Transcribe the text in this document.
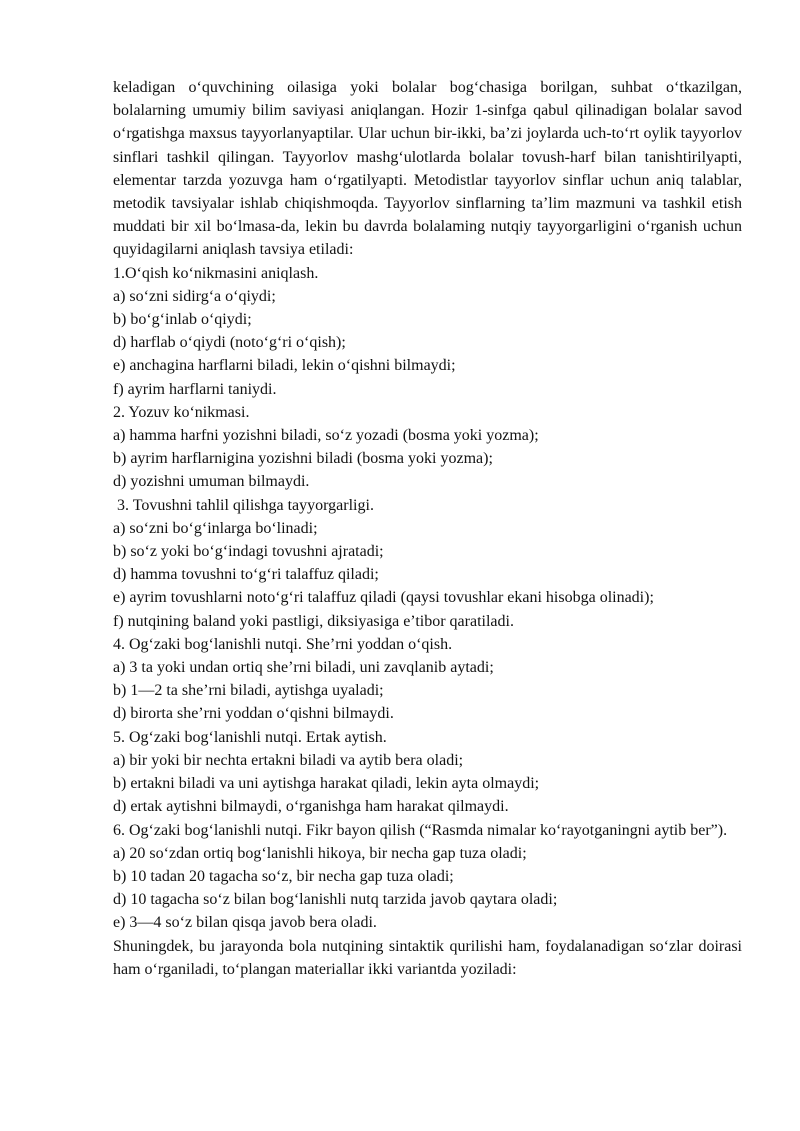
keladigan o‘quvchining oilasiga yoki bolalar bog‘chasiga borilgan, suhbat o‘tkazilgan, bolalarning umumiy bilim saviyasi aniqlangan. Hozir 1-sinfga qabul qilinadigan bolalar savod o‘rgatishga maxsus tayyorlanyaptilar. Ular uchun bir-ikki, ba’zi joylarda uch-to‘rt oylik tayyorlov sinflari tashkil qilingan. Tayyorlov mashg‘ulotlarda bolalar tovush-harf bilan tanishtirilyapti, elementar tarzda yozuvga ham o‘rgatilyapti. Metodistlar tayyorlov sinflar uchun aniq talablar, metodik tavsiyalar ishlab chiqishmoqda. Tayyorlov sinflarning ta’lim mazmuni va tashkil etish muddati bir xil bo‘lmasa-da, lekin bu davrda bolalaming nutqiy tayyorgarligini o‘rganish uchun quyidagilarni aniqlash tavsiya etiladi:

1.O‘qish ko‘nikmasini aniqlash.

a) so‘zni sidirg‘a o‘qiydi;

b) bo‘g‘inlab o‘qiydi;

d) harflab o‘qiydi (noto‘g‘ri o‘qish);

e) anchagina harflarni biladi, lekin o‘qishni bilmaydi;

f) ayrim harflarni taniydi.

2. Yozuv ko‘nikmasi.

a) hamma harfni yozishni biladi, so‘z yozadi (bosma yoki yozma);

b) ayrim harflarnigina yozishni biladi (bosma yoki yozma);

d) yozishni umuman bilmaydi.

3. Tovushni tahlil qilishga tayyorgarligi.

a) so‘zni bo‘g‘inlarga bo‘linadi;

b) so‘z yoki bo‘g‘indagi tovushni ajratadi;

d) hamma tovushni to‘g‘ri talaffuz qiladi;

e) ayrim tovushlarni noto‘g‘ri talaffuz qiladi (qaysi tovushlar ekani hisobga olinadi);

f) nutqining baland yoki pastligi, diksiyasiga e’tibor qaratiladi.

4. Og‘zaki bog‘lanishli nutqi. She’rni yoddan o‘qish.

a) 3 ta yoki undan ortiq she’rni biladi, uni zavqlanib aytadi;

b) 1—2 ta she’rni biladi, aytishga uyaladi;

d) birorta she’rni yoddan o‘qishni bilmaydi.

5. Og‘zaki bog‘lanishli nutqi. Ertak aytish.

a) bir yoki bir nechta ertakni biladi va aytib bera oladi;

b) ertakni biladi va uni aytishga harakat qiladi, lekin ayta olmaydi;

d) ertak aytishni bilmaydi, o‘rganishga ham harakat qilmaydi.

6. Og‘zaki bog‘lanishli nutqi. Fikr bayon qilish (“Rasmda nimalar ko‘rayotganingni aytib ber”).

a) 20 so‘zdan ortiq bog‘lanishli hikoya, bir necha gap tuza oladi;

b) 10 tadan 20 tagacha so‘z, bir necha gap tuza oladi;

d) 10 tagacha so‘z bilan bog‘lanishli nutq tarzida javob qaytara oladi;

e) 3—4 so‘z bilan qisqa javob bera oladi.

Shuningdek, bu jarayonda bola nutqining sintaktik qurilishi ham, foydalanadigan so‘zlar doirasi ham o‘rganiladi, to‘plangan materiallar ikki variantda yoziladi:
